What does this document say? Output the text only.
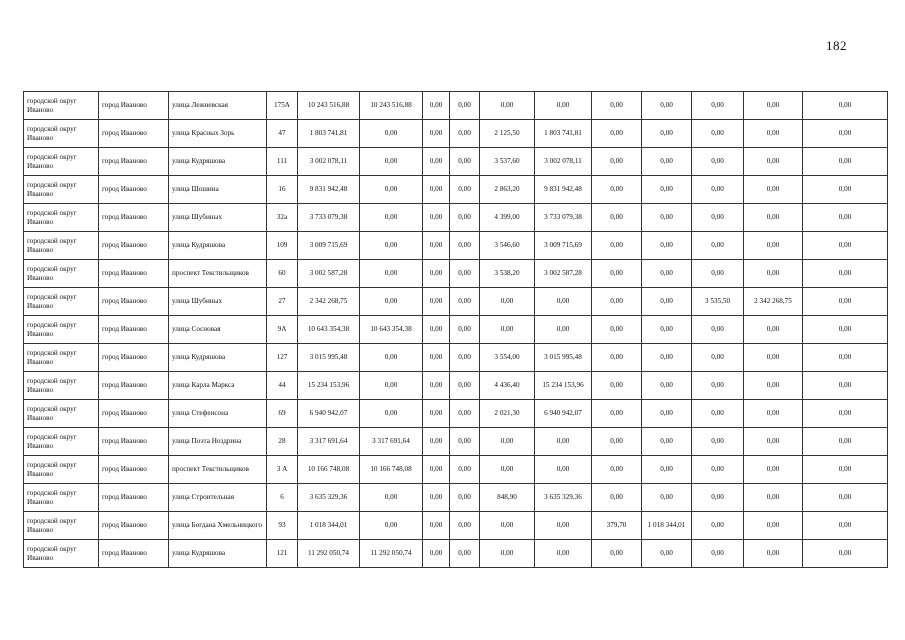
182
городской округ Иваново	город Иваново	улица Лежневская	175А	10 243 516,88	10 243 516,88	0,00	0,00	0,00	0,00	0,00	0,00	0,00	0,00	0,00
городской округ Иваново	город Иваново	улица Красных Зорь	47	1 803 741,81	0,00	0,00	0,00	2 125,50	1 803 741,81	0,00	0,00	0,00	0,00	0,00
городской округ Иваново	город Иваново	улица Кудряшова	111	3 002 078,11	0,00	0,00	0,00	3 537,60	3 002 078,11	0,00	0,00	0,00	0,00	0,00
городской округ Иваново	город Иваново	улица Шошина	16	9 831 942,48	0,00	0,00	0,00	2 863,20	9 831 942,48	0,00	0,00	0,00	0,00	0,00
городской округ Иваново	город Иваново	улица Шубиных	32а	3 733 079,38	0,00	0,00	0,00	4 399,00	3 733 079,38	0,00	0,00	0,00	0,00	0,00
городской округ Иваново	город Иваново	улица Кудряшова	109	3 009 715,69	0,00	0,00	0,00	3 546,60	3 009 715,69	0,00	0,00	0,00	0,00	0,00
городской округ Иваново	город Иваново	проспект Текстильщиков	60	3 002 587,28	0,00	0,00	0,00	3 538,20	3 002 587,28	0,00	0,00	0,00	0,00	0,00
городской округ Иваново	город Иваново	улица Шубиных	27	2 342 268,75	0,00	0,00	0,00	0,00	0,00	0,00	0,00	3 535,50	2 342 268,75	0,00
городской округ Иваново	город Иваново	улица Сосновая	9А	10 643 354,38	10 643 354,38	0,00	0,00	0,00	0,00	0,00	0,00	0,00	0,00	0,00
городской округ Иваново	город Иваново	улица Кудряшова	127	3 015 995,48	0,00	0,00	0,00	3 554,00	3 015 995,48	0,00	0,00	0,00	0,00	0,00
городской округ Иваново	город Иваново	улица Карла Маркса	44	15 234 153,96	0,00	0,00	0,00	4 436,40	15 234 153,96	0,00	0,00	0,00	0,00	0,00
городской округ Иваново	город Иваново	улица Стефенсона	69	6 940 942,07	0,00	0,00	0,00	2 021,30	6 940 942,07	0,00	0,00	0,00	0,00	0,00
городской округ Иваново	город Иваново	улица Поэта Ноздрина	28	3 317 691,64	3 317 691,64	0,00	0,00	0,00	0,00	0,00	0,00	0,00	0,00	0,00
городской округ Иваново	город Иваново	проспект Текстильщиков	3 А	10 166 748,08	10 166 748,08	0,00	0,00	0,00	0,00	0,00	0,00	0,00	0,00	0,00
городской округ Иваново	город Иваново	улица Строительная	6	3 635 329,36	0,00	0,00	0,00	848,90	3 635 329,36	0,00	0,00	0,00	0,00	0,00
городской округ Иваново	город Иваново	улица Богдана Хмельницкого	93	1 018 344,01	0,00	0,00	0,00	0,00	0,00	379,70	1 018 344,01	0,00	0,00	0,00
городской округ Иваново	город Иваново	улица Кудряшова	121	11 292 050,74	11 292 050,74	0,00	0,00	0,00	0,00	0,00	0,00	0,00	0,00	0,00
